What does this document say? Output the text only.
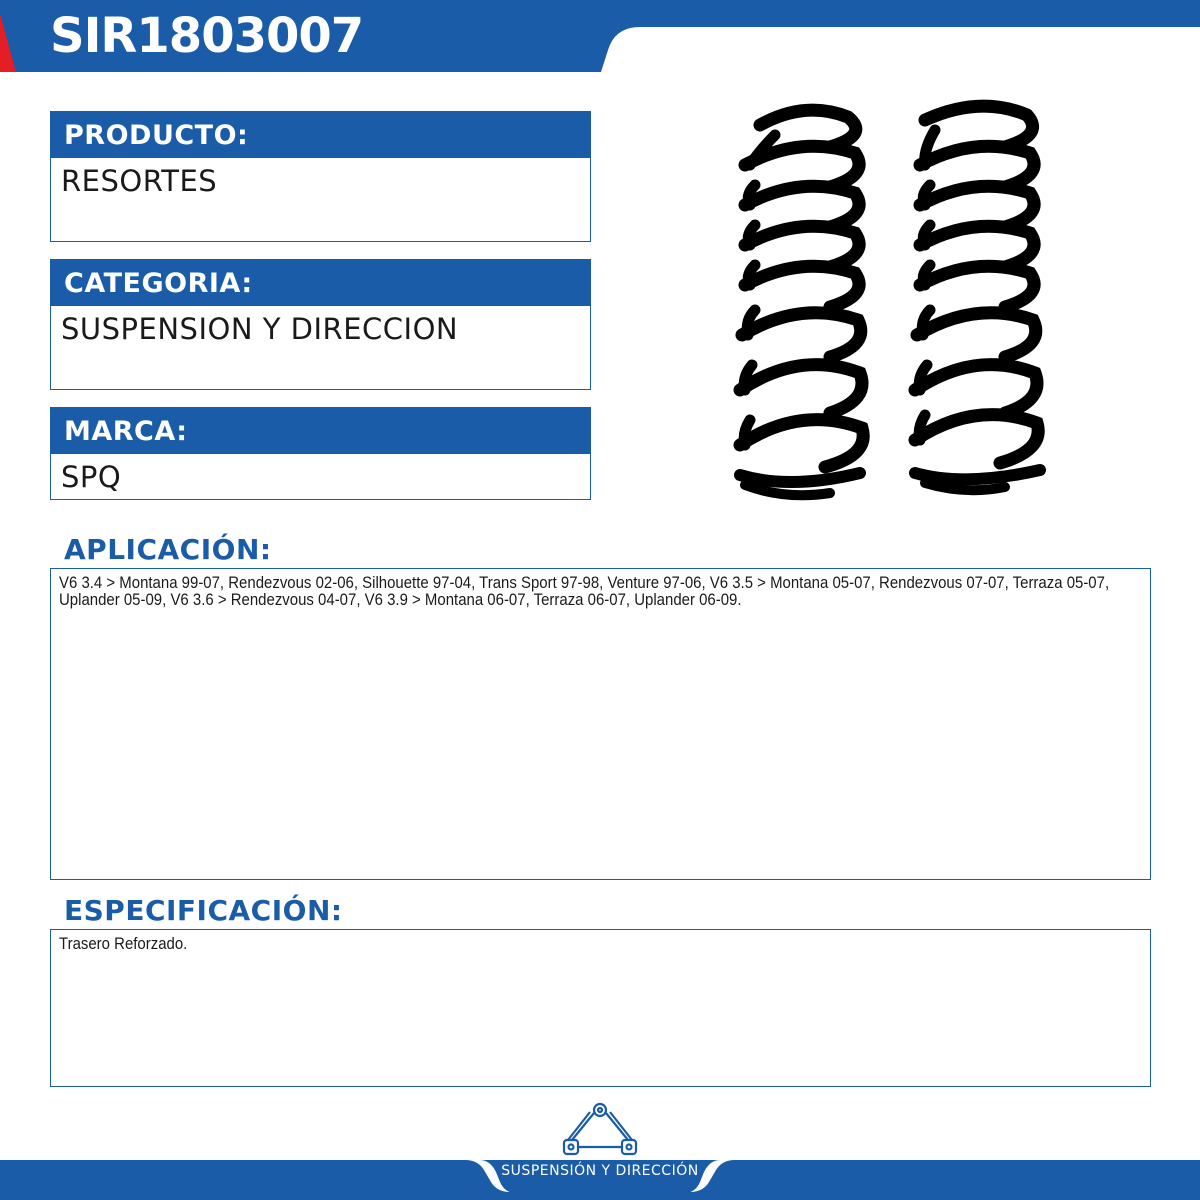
SIR1803007
PRODUCTO:
RESORTES
CATEGORIA:
SUSPENSION Y DIRECCION
MARCA:
SPQ
APLICACIÓN:
V6 3.4 > Montana 99-07, Rendezvous 02-06, Silhouette 97-04, Trans Sport 97-98, Venture 97-06, V6 3.5 > Montana 05-07, Rendezvous 07-07, Terraza 05-07, Uplander 05-09, V6 3.6 > Rendezvous 04-07, V6 3.9 > Montana 06-07, Terraza 06-07, Uplander 06-09.
ESPECIFICACIÓN:
Trasero Reforzado.
SUSPENSIÓN Y DIRECCIÓN
